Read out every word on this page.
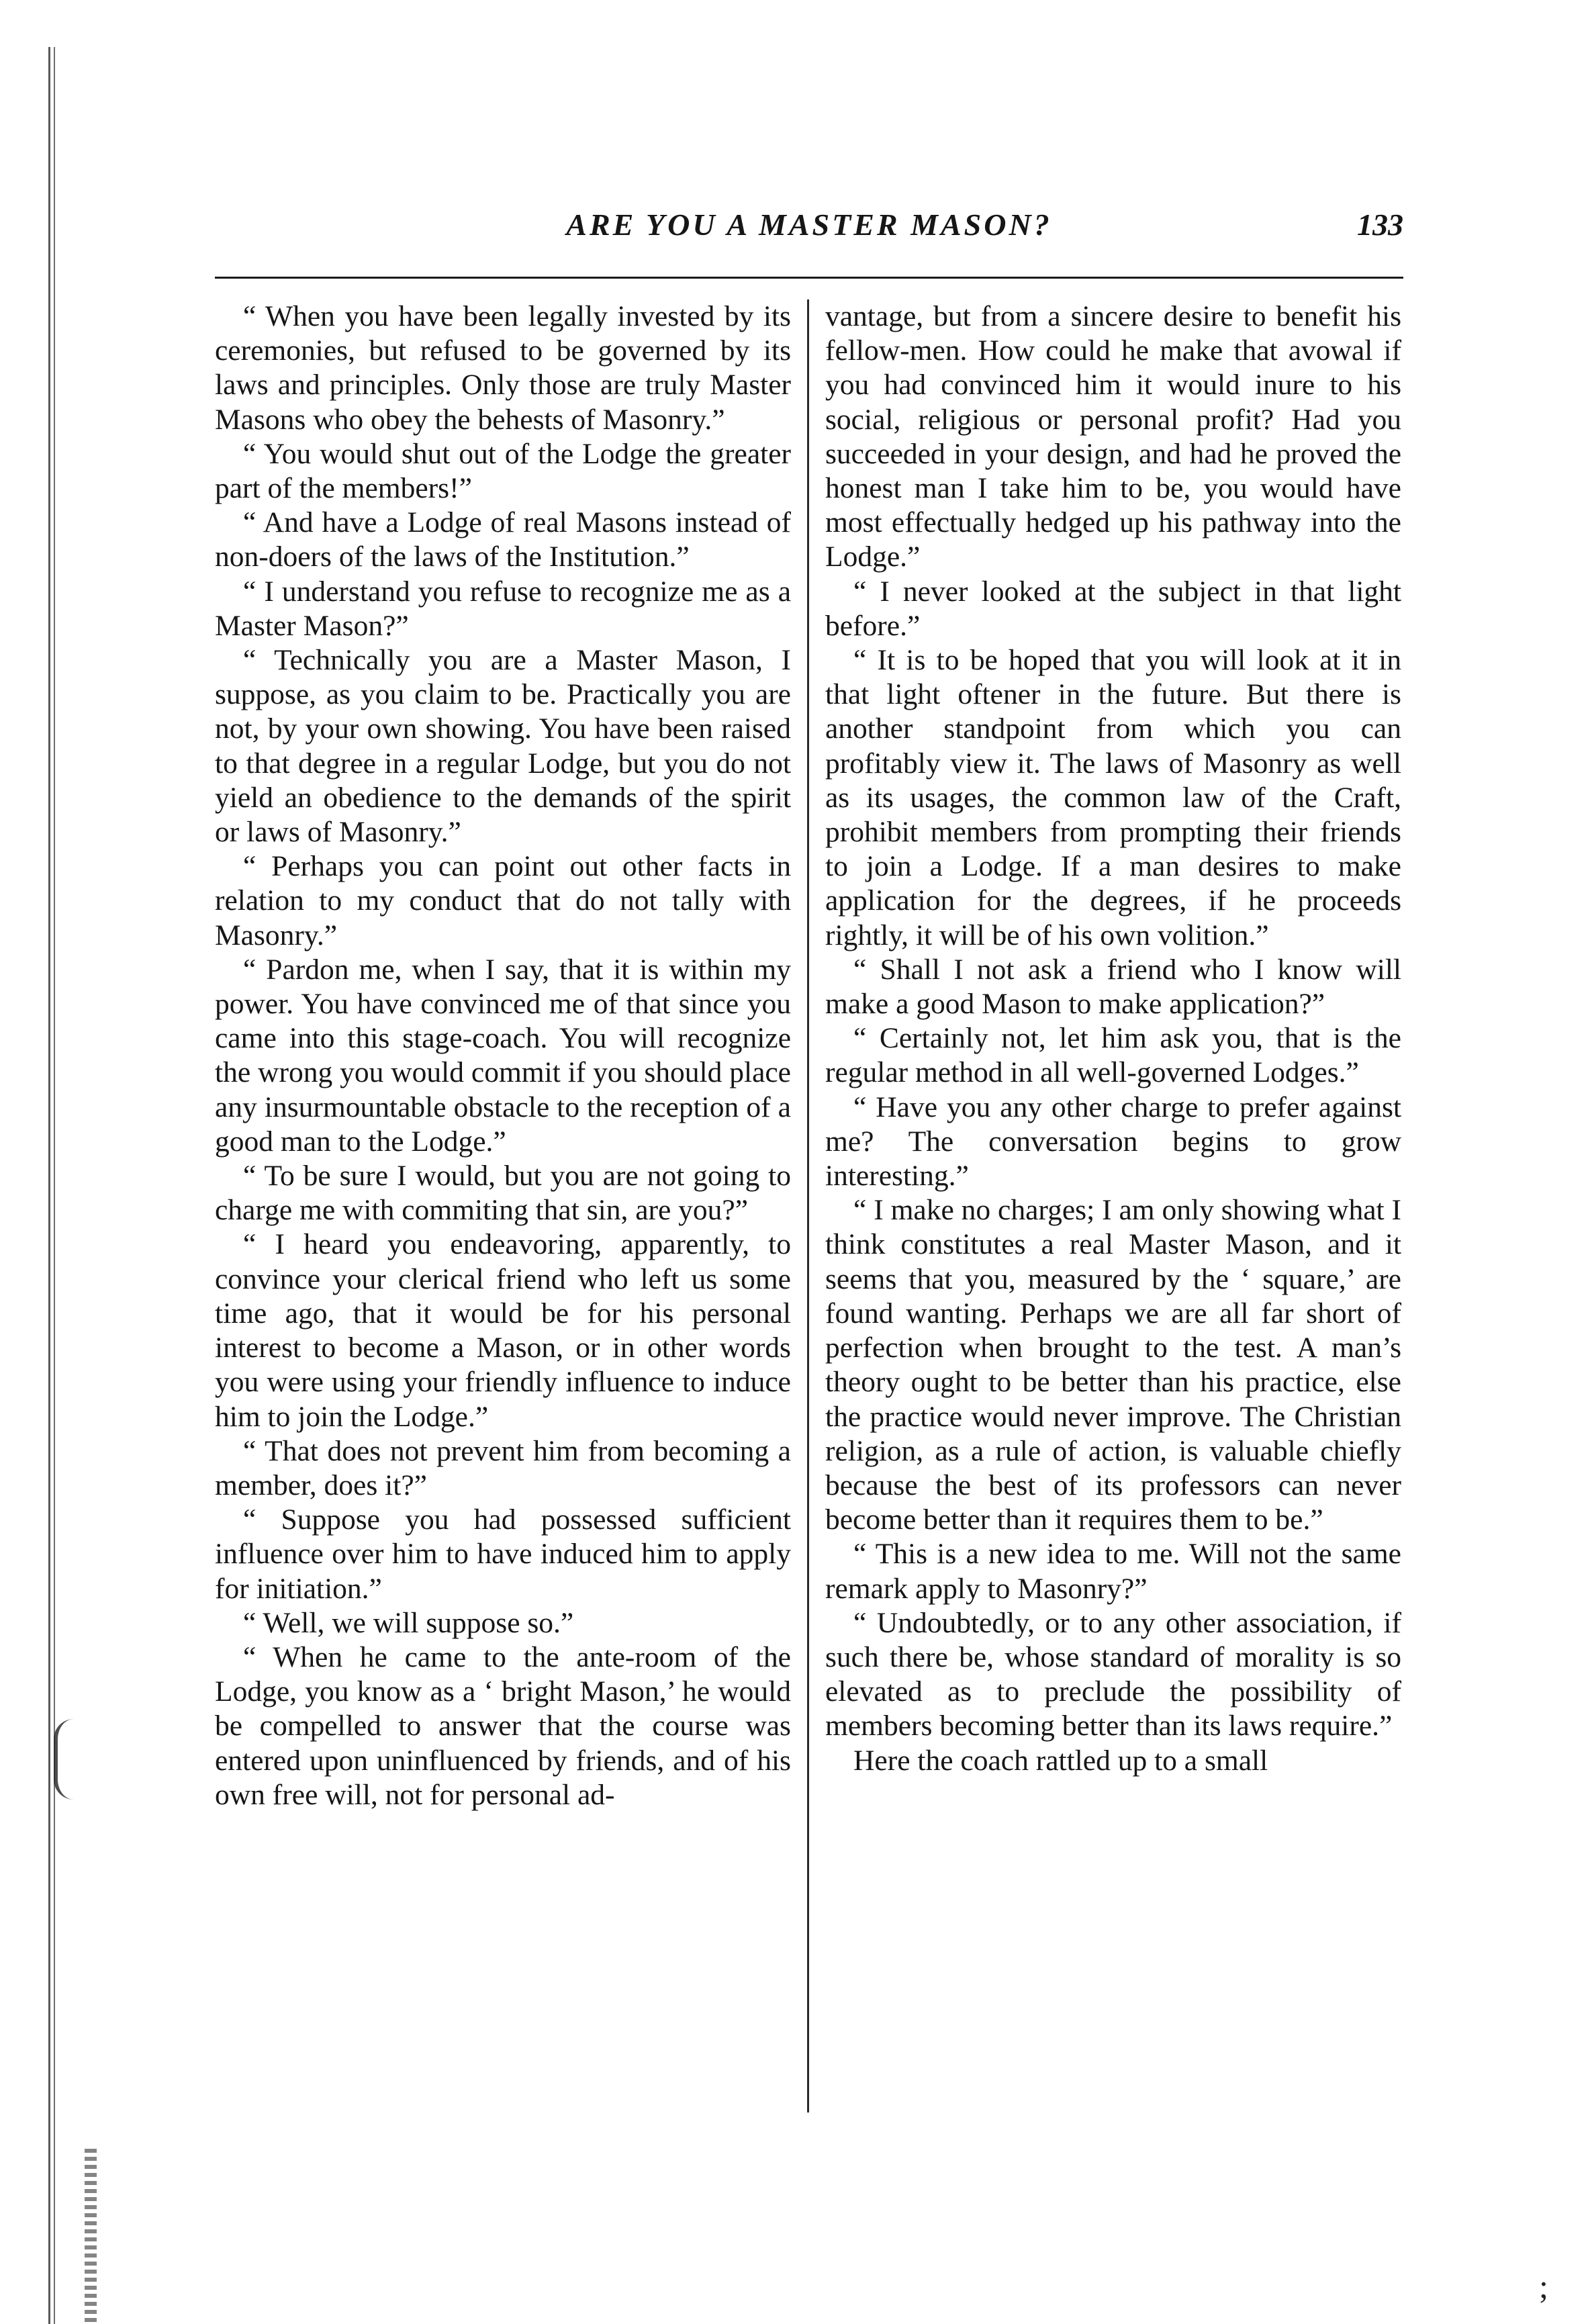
;
ARE YOU A MASTER MASON?	133

“ When you have been legally invested by its ceremonies, but refused to be governed by its laws and principles. Only those are truly Master Masons who obey the behests of Masonry.”

“ You would shut out of the Lodge the greater part of the members!”

“ And have a Lodge of real Masons instead of non-doers of the laws of the Institution.”

“ I understand you refuse to recognize me as a Master Mason?”

“ Technically you are a Master Mason, I suppose, as you claim to be. Practically you are not, by your own showing. You have been raised to that degree in a regular Lodge, but you do not yield an obedience to the demands of the spirit or laws of Masonry.”

“ Perhaps you can point out other facts in relation to my conduct that do not tally with Masonry.”

“ Pardon me, when I say, that it is within my power. You have convinced me of that since you came into this stage-coach. You will recognize the wrong you would commit if you should place any insurmountable obstacle to the reception of a good man to the Lodge.”

“ To be sure I would, but you are not going to charge me with commiting that sin, are you?”

“ I heard you endeavoring, apparently, to convince your clerical friend who left us some time ago, that it would be for his personal interest to become a Mason, or in other words you were using your friendly influence to induce him to join the Lodge.”

“ That does not prevent him from becoming a member, does it?”

“ Suppose you had possessed sufficient influence over him to have induced him to apply for initiation.”

“ Well, we will suppose so.”

“ When he came to the ante-room of the Lodge, you know as a ‘ bright Mason,’ he would be compelled to answer that the course was entered upon uninfluenced by friends, and of his own free will, not for personal ad-

vantage, but from a sincere desire to benefit his fellow-men. How could he make that avowal if you had convinced him it would inure to his social, religious or personal profit? Had you succeeded in your design, and had he proved the honest man I take him to be, you would have most effectually hedged up his pathway into the Lodge.”

“ I never looked at the subject in that light before.”

“ It is to be hoped that you will look at it in that light oftener in the future. But there is another standpoint from which you can profitably view it. The laws of Masonry as well as its usages, the common law of the Craft, prohibit members from prompting their friends to join a Lodge. If a man desires to make application for the degrees, if he proceeds rightly, it will be of his own volition.”

“ Shall I not ask a friend who I know will make a good Mason to make application?”

“ Certainly not, let him ask you, that is the regular method in all well-governed Lodges.”

“ Have you any other charge to prefer against me? The conversation begins to grow interesting.”

“ I make no charges; I am only showing what I think constitutes a real Master Mason, and it seems that you, measured by the ‘ square,’ are found wanting. Perhaps we are all far short of perfection when brought to the test. A man’s theory ought to be better than his practice, else the practice would never improve. The Christian religion, as a rule of action, is valuable chiefly because the best of its professors can never become better than it requires them to be.”

“ This is a new idea to me. Will not the same remark apply to Masonry?”

“ Undoubtedly, or to any other association, if such there be, whose standard of morality is so elevated as to preclude the possibility of members becoming better than its laws require.”

Here the coach rattled up to a small
